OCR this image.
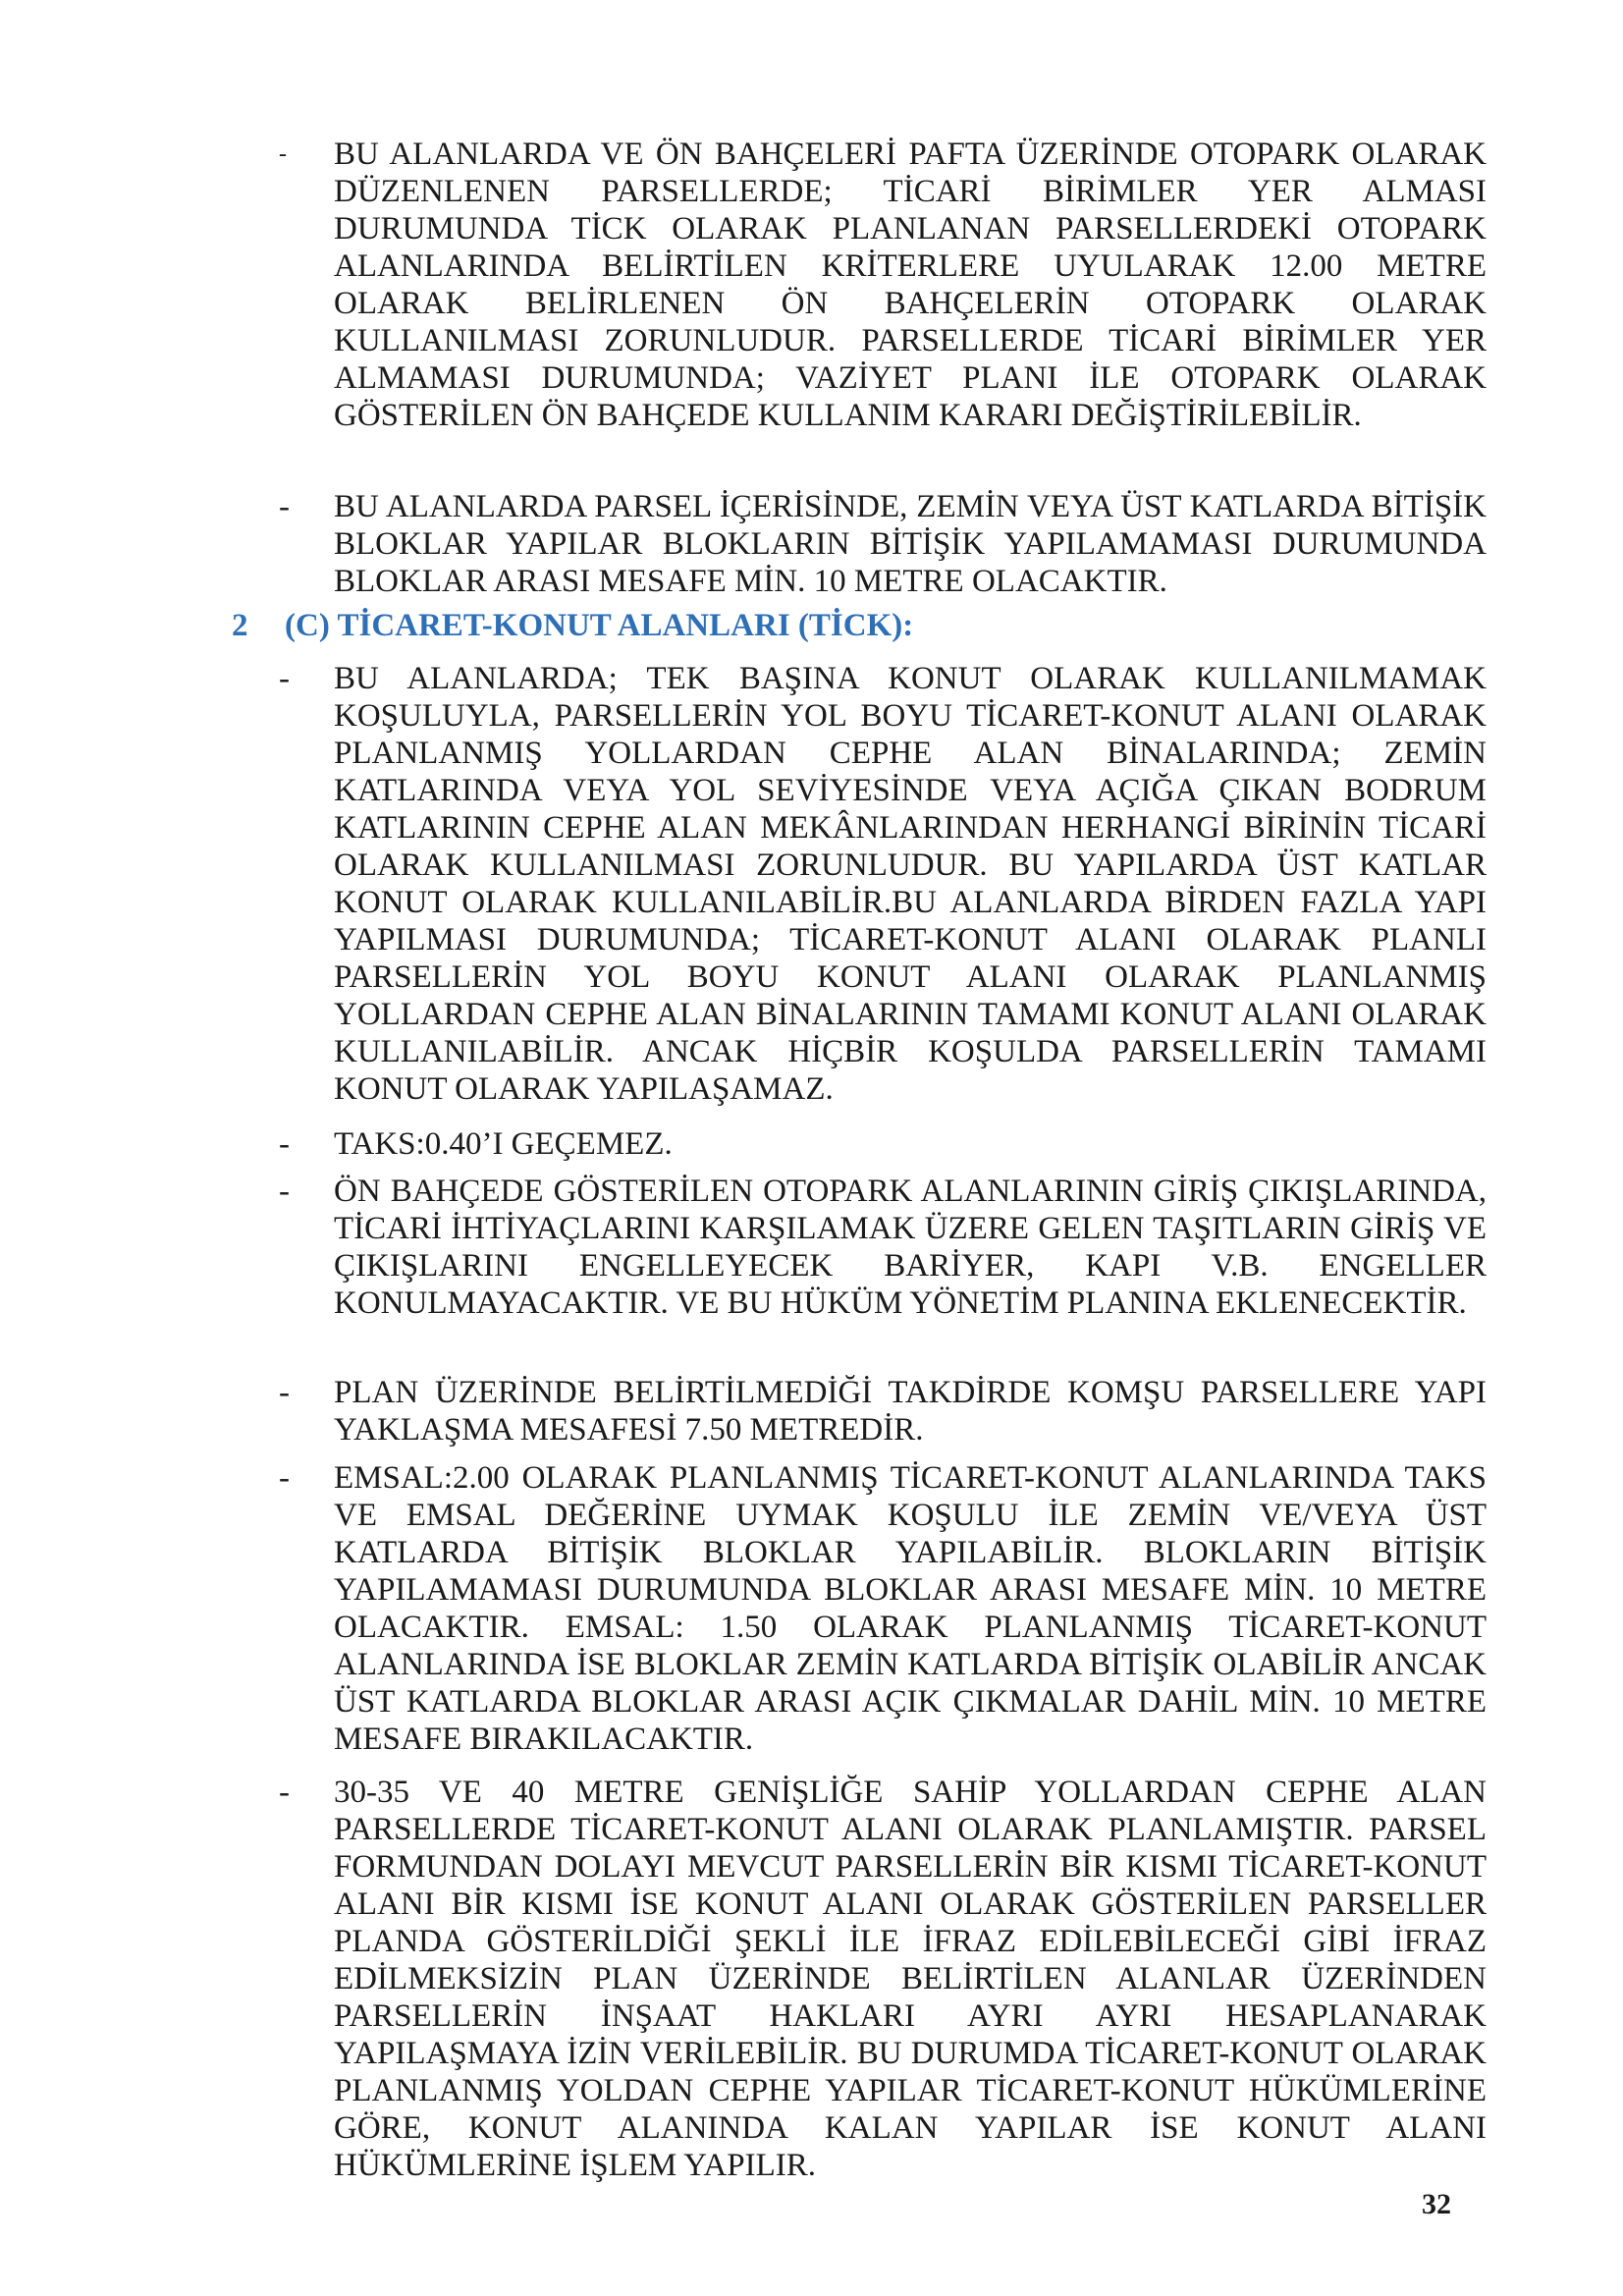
- BU ALANLARDA VE ÖN BAHÇELERİ PAFTA ÜZERİNDE OTOPARK OLARAK DÜZENLENEN PARSELLERDE; TİCARİ BİRİMLER YER ALMASI DURUMUNDA TİCK OLARAK PLANLANAN PARSELLERDEKİ OTOPARK ALANLARINDA BELİRTİLEN KRİTERLERE UYULARAK 12.00 METRE OLARAK BELİRLENEN ÖN BAHÇELERİN OTOPARK OLARAK KULLANILMASI ZORUNLUDUR. PARSELLERDE TİCARİ BİRİMLER YER ALMAMASI DURUMUNDA; VAZİYET PLANI İLE OTOPARK OLARAK GÖSTERİLEN ÖN BAHÇEDE KULLANIM KARARI DEĞİŞTİRİLEBİLİR.
- BU ALANLARDA PARSEL İÇERİSİNDE, ZEMİN VEYA ÜST KATLARDA BİTİŞİK BLOKLAR YAPILAR BLOKLARIN BİTİŞİK YAPILAMAMASI DURUMUNDA BLOKLAR ARASI MESAFE MİN. 10 METRE OLACAKTIR.
2 (C) TİCARET-KONUT ALANLARI (TİCK):
- BU ALANLARDA; TEK BAŞINA KONUT OLARAK KULLANILMAMAK KOŞULUYLA, PARSELLERİN YOL BOYU TİCARET-KONUT ALANI OLARAK PLANLANMIŞ YOLLARDAN CEPHE ALAN BİNALARINDA; ZEMİN KATLARINDA VEYA YOL SEVİYESİNDE VEYA AÇIĞA ÇIKAN BODRUM KATLARININ CEPHE ALAN MEKÂNLARINDAN HERHANGİ BİRİNİN TİCARİ OLARAK KULLANILMASI ZORUNLUDUR. BU YAPILARDA ÜST KATLAR KONUT OLARAK KULLANILABİLİR.BU ALANLARDA BİRDEN FAZLA YAPI YAPILMASI DURUMUNDA; TİCARET-KONUT ALANI OLARAK PLANLI PARSELLERİN YOL BOYU KONUT ALANI OLARAK PLANLANMIŞ YOLLARDAN CEPHE ALAN BİNALARININ TAMAMI KONUT ALANI OLARAK KULLANILABİLİR. ANCAK HİÇBİR KOŞULDA PARSELLERİN TAMAMI KONUT OLARAK YAPILAŞAMAZ.
- TAKS:0.40’I GEÇEMEZ.
- ÖN BAHÇEDE GÖSTERİLEN OTOPARK ALANLARININ GİRİŞ ÇIKIŞLARINDA, TİCARİ İHTİYAÇLARINI KARŞILAMAK ÜZERE GELEN TAŞITLARIN GİRİŞ VE ÇIKIŞLARINI ENGELLEYECEK BARİYER, KAPI V.B. ENGELLER KONULMAYACAKTIR. VE BU HÜKÜM YÖNETİM PLANINA EKLENECEKTİR.
- PLAN ÜZERİNDE BELİRTİLMEDİĞİ TAKDİRDE KOMŞU PARSELLERE YAPI YAKLAŞMA MESAFESİ 7.50 METREDİR.
- EMSAL:2.00 OLARAK PLANLANMIŞ TİCARET-KONUT ALANLARINDA TAKS VE EMSAL DEĞERİNE UYMAK KOŞULU İLE ZEMİN VE/VEYA ÜST KATLARDA BİTİŞİK BLOKLAR YAPILABİLİR. BLOKLARIN BİTİŞİK YAPILAMAMASI DURUMUNDA BLOKLAR ARASI MESAFE MİN. 10 METRE OLACAKTIR. EMSAL: 1.50 OLARAK PLANLANMIŞ TİCARET-KONUT ALANLARINDA İSE BLOKLAR ZEMİN KATLARDA BİTİŞİK OLABİLİR ANCAK ÜST KATLARDA BLOKLAR ARASI AÇIK ÇIKMALAR DAHİL MİN. 10 METRE MESAFE BIRAKILACAKTIR.
- 30-35 VE 40 METRE GENİŞLİĞE SAHİP YOLLARDAN CEPHE ALAN PARSELLERDE TİCARET-KONUT ALANI OLARAK PLANLAMIŞTIR. PARSEL FORMUNDAN DOLAYI MEVCUT PARSELLERİN BİR KISMI TİCARET-KONUT ALANI BİR KISMI İSE KONUT ALANI OLARAK GÖSTERİLEN PARSELLER PLANDA GÖSTERİLDİĞİ ŞEKLİ İLE İFRAZ EDİLEBİLECEĞİ GİBİ İFRAZ EDİLMEKSİZİN PLAN ÜZERİNDE BELİRTİLEN ALANLAR ÜZERİNDEN PARSELLERİN İNŞAAT HAKLARI AYRI AYRI HESAPLANARAK YAPILAŞMAYA İZİN VERİLEBİLİR. BU DURUMDA TİCARET-KONUT OLARAK PLANLANMIŞ YOLDAN CEPHE YAPILAR TİCARET-KONUT HÜKÜMLERİNE GÖRE, KONUT ALANINDA KALAN YAPILAR İSE KONUT ALANI HÜKÜMLERİNE İŞLEM YAPILIR.
32
